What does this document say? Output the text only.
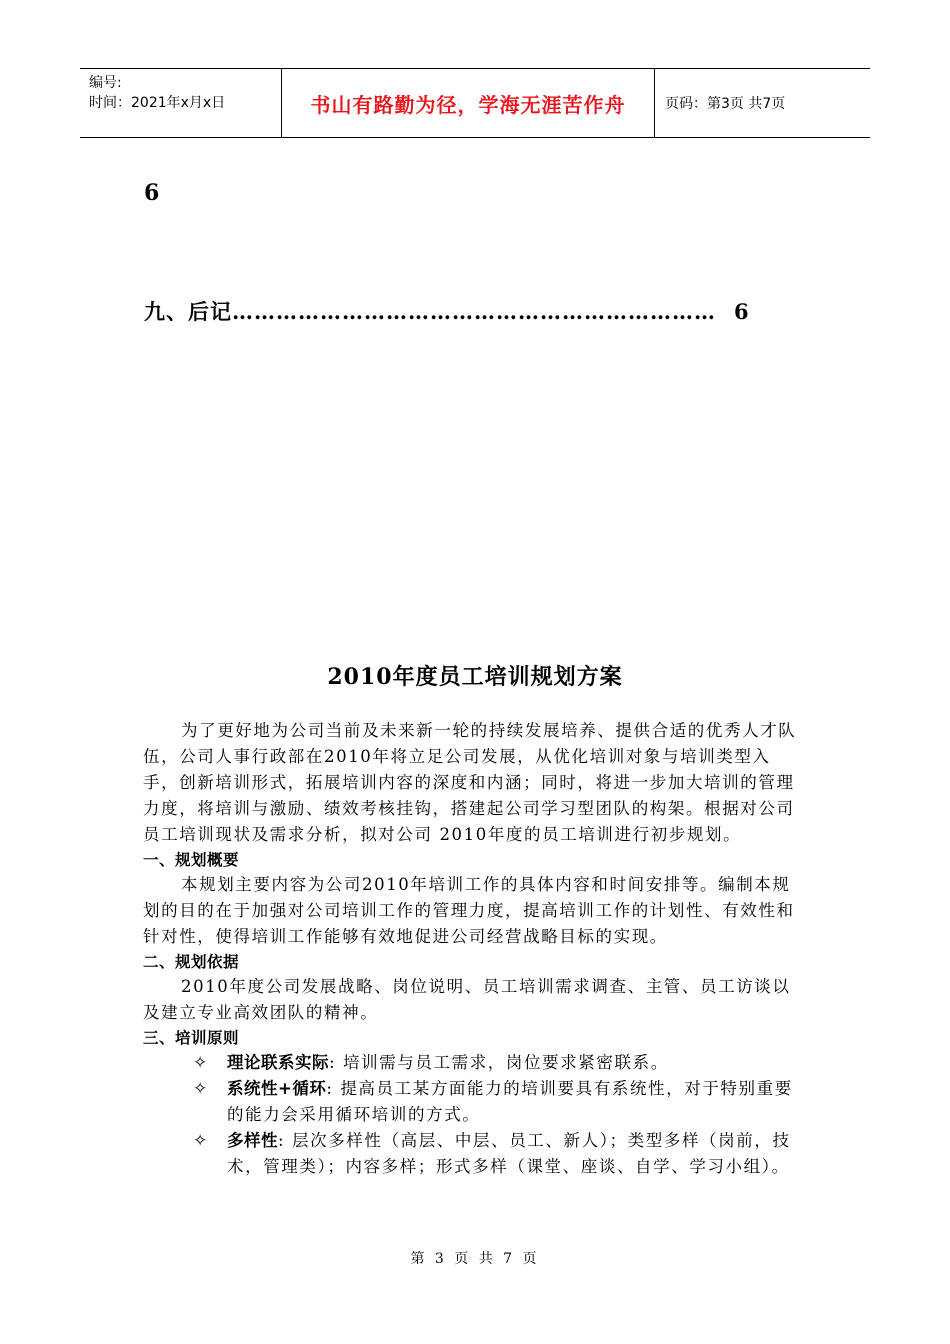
编号:
时间：2021年x月x日	书山有路勤为径，学海无涯苦作舟	页码：第3页 共7页
6
九、后记………………………………………………………… 6
2010年度员工培训规划方案

为了更好地为公司当前及未来新一轮的持续发展培养、提供合适的优秀人才队伍，公司人事行政部在2010年将立足公司发展，从优化培训对象与培训类型入手，创新培训形式，拓展培训内容的深度和内涵；同时，将进一步加大培训的管理力度，将培训与激励、绩效考核挂钩，搭建起公司学习型团队的构架。根据对公司员工培训现状及需求分析，拟对公司 2010年度的员工培训进行初步规划。

一、规划概要

本规划主要内容为公司2010年培训工作的具体内容和时间安排等。编制本规划的目的在于加强对公司培训工作的管理力度，提高培训工作的计划性、有效性和针对性，使得培训工作能够有效地促进公司经营战略目标的实现。

二、规划依据

2010年度公司发展战略、岗位说明、员工培训需求调查、主管、员工访谈以及建立专业高效团队的精神。

三、培训原则
✧	理论联系实际: 培训需与员工需求，岗位要求紧密联系。
✧	系统性+循环: 提高员工某方面能力的培训要具有系统性，对于特别重要的能力会采用循环培训的方式。
✧	多样性: 层次多样性（高层、中层、员工、新人）；类型多样（岗前，技术，管理类）；内容多样；形式多样（课堂、座谈、自学、学习小组）。
第 3 页 共 7 页
